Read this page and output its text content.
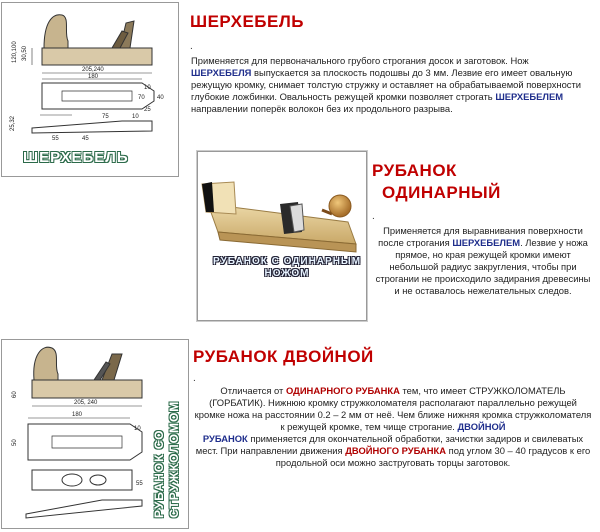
205,240
30,50
120,100
180
10
70 40
25
55	45
75	10
25,32
ШЕРХЕБЕЛЬ
ШЕРХЕБЕЛЬ
.
Применяется для первоначального грубого строгания досок и заготовок. Нож ШЕРХЕБЕЛЯ выпускается за плоскость подошвы до 3 мм. Лезвие его имеет овальную режущую кромку, снимает толстую стружку и оставляет на обрабатываемой поверхности глубокие ложбинки. Овальность режущей кромки позволяет строгать ШЕРХЕБЕЛЕМ направлении поперёк волокон без их продольного разрыва.
РУБАНОК С ОДИНАРНЫМ
НОЖОМ
РУБАНОК
ОДИНАРНЫЙ
.
Применяется для выравнивания поверхности после строгания ШЕРХЕБЕЛЕМ. Лезвие у ножа прямое, но края режущей кромки имеют небольшой радиус закругления, чтобы при строгании не происходило задирания древесины и не оставалось нежелательных следов.
205, 240
60
180
50
10
55 РУБАНОК СО СТРУЖКОЛОМОМ
РУБАНОК ДВОЙНОЙ
.
Отличается от ОДИНАРНОГО РУБАНКА тем, что имеет СТРУЖКОЛОМАТЕЛЬ (ГОРБАТИК). Нижнюю кромку стружколомателя располагают параллельно режущей кромке ножа на расстоянии 0.2 – 2 мм от неё. Чем ближе нижняя кромка стружколомателя к режущей кромке, тем чище строгание. ДВОЙНОЙ
РУБАНОК применяется для окончательной обработки, зачистки задиров и свилеватых мест. При направлении движения ДВОЙНОГО РУБАНКА под углом 30 – 40 градусов к его продольной оси можно заструговать торцы заготовок.
